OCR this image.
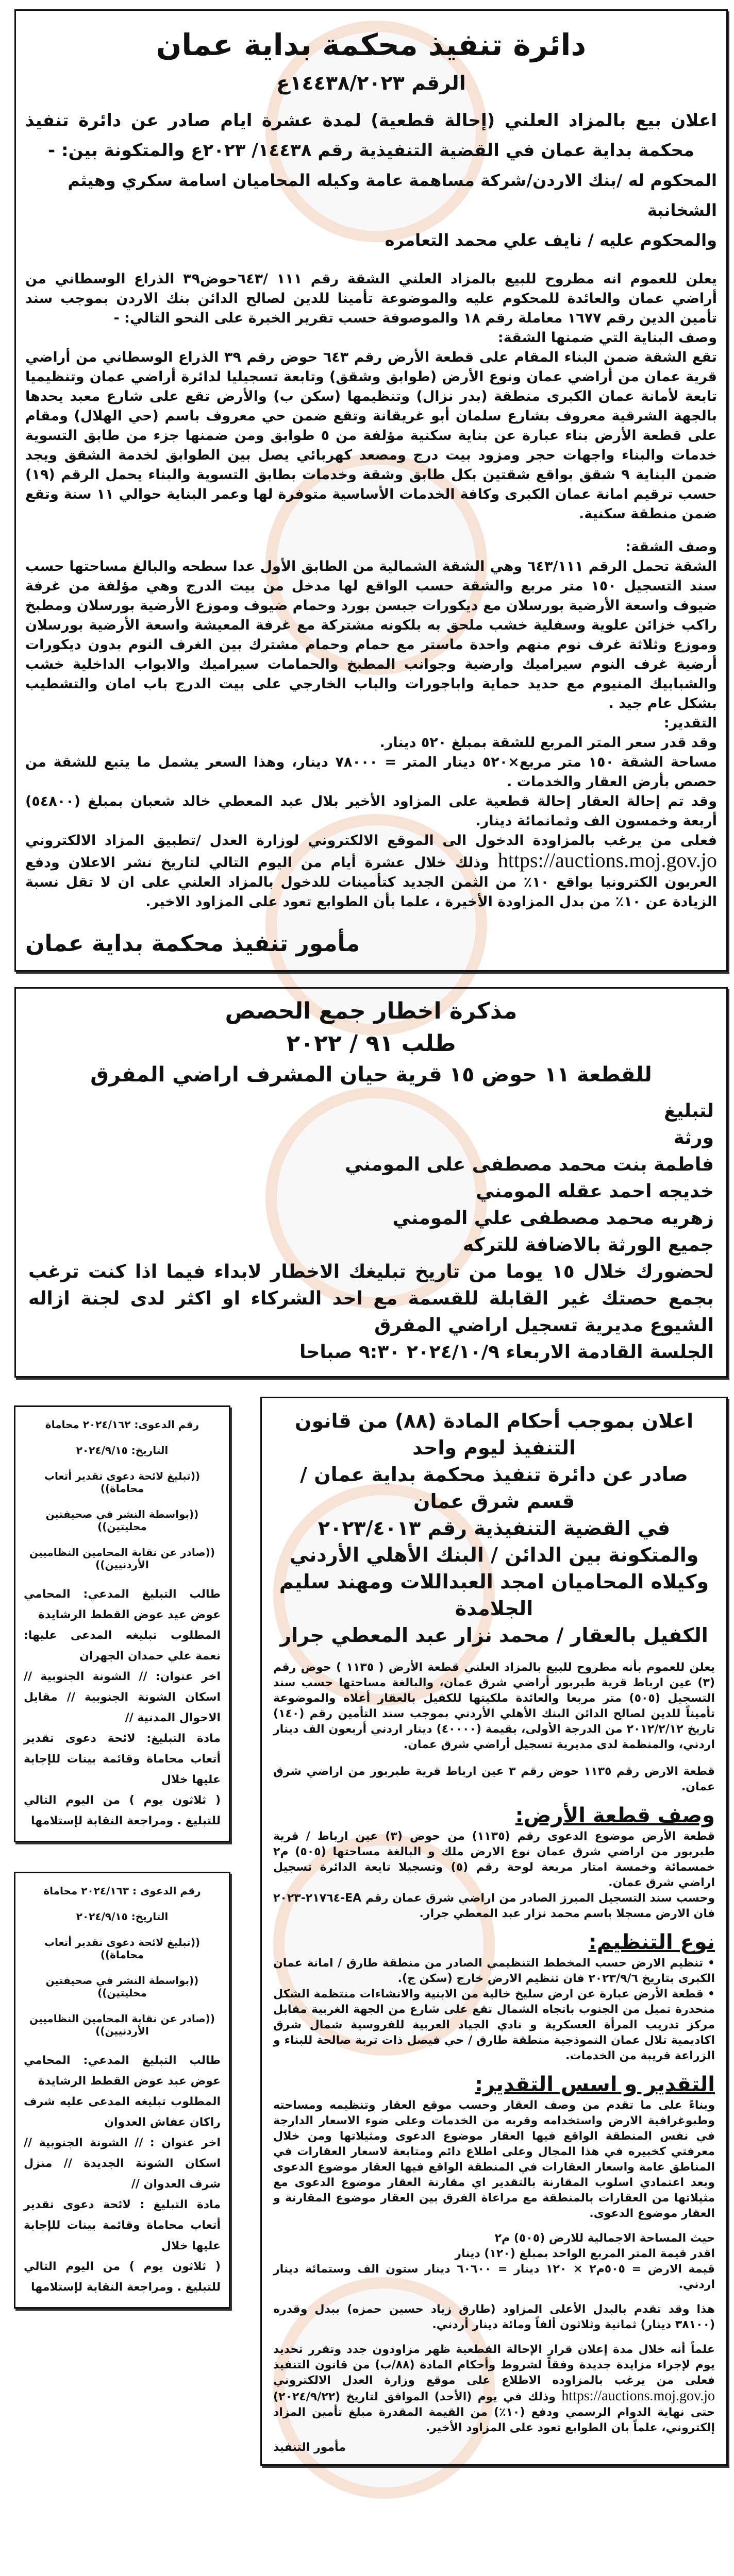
دائرة تنفيذ محكمة بداية عمان
الرقم ١٤٤٣٨/٢٠٢٣ع
اعلان بيع بالمزاد العلني (إحالة قطعية) لمدة عشرة ايام صادر عن دائرة تنفيذ محكمة بداية عمان في القضية التنفيذية رقم ١٤٤٣٨/ ٢٠٢٣ع والمتكونة بين: -
المحكوم له /بنك الاردن/شركة مساهمة عامة وكيله المحاميان اسامة سكري وهيثم الشخانبة
والمحكوم عليه / نايف علي محمد التعامره

يعلن للعموم انه مطروح للبيع بالمزاد العلني الشقة رقم ١١١ /٦٤٣حوض٣٩ الذراع الوسطاني من أراضي عمان والعائدة للمحكوم عليه والموضوعة تأمينا للدين لصالح الدائن بنك الاردن بموجب سند تأمين الدين رقم ١٦٧٧ معاملة رقم ١٨ والموصوفة حسب تقرير الخبرة على النحو التالي: -

وصف البناية التي ضمنها الشقة:

تقع الشقة ضمن البناء المقام على قطعة الأرض رقم ٦٤٣ حوض رقم ٣٩ الذراع الوسطاني من أراضي قرية عمان من أراضي عمان ونوع الأرض (طوابق وشقق) وتابعة تسجيليا لدائرة أراضي عمان وتنظيميا تابعة لأمانة عمان الكبرى منطقة (بدر نزال) وتنظيمها (سكن ب) والأرض تقع على شارع معبد يحدها بالجهة الشرقية معروف بشارع سلمان أبو غريقانة وتقع ضمن حي معروف باسم (حي الهلال) ومقام على قطعة الأرض بناء عبارة عن بناية سكنية مؤلفة من ٥ طوابق ومن ضمنها جزء من طابق التسوية خدمات والبناء واجهات حجر ومزود بيت درج ومصعد كهربائي يصل بين الطوابق لخدمة الشقق ويجد ضمن البناية ٩ شقق بواقع شقتين بكل طابق وشقة وخدمات بطابق التسوية والبناء يحمل الرقم (١٩) حسب ترقيم امانة عمان الكبرى وكافة الخدمات الأساسية متوفرة لها وعمر البناية حوالي ١١ سنة وتقع ضمن منطقة سكنية.

وصف الشقة:

الشقة تحمل الرقم ٦٤٣/١١١ وهي الشقة الشمالية من الطابق الأول عدا سطحه والبالغ مساحتها حسب سند التسجيل ١٥٠ متر مربع والشقة حسب الواقع لها مدخل من بيت الدرج وهي مؤلفة من غرفة ضيوف واسعة الأرضية بورسلان مع ديكورات جبسن بورد وحمام ضيوف وموزع الأرضية بورسلان ومطبخ راكب خزائن علوية وسفلية خشب ملحق به بلكونه مشتركة مع غرفة المعيشة واسعة الأرضية بورسلان وموزع وثلاثة غرف نوم منهم واحدة ماستر مع حمام وحمام مشترك بين الغرف النوم بدون ديكورات أرضية غرف النوم سيراميك وارضية وجوانب المطبخ والحمامات سيراميك والابواب الداخلية خشب والشبابيك المنيوم مع حديد حماية واباجورات والباب الخارجي على بيت الدرج باب امان والتشطيب بشكل عام جيد .

التقدير:

وقد قدر سعر المتر المربع للشقة بمبلغ ٥٢٠ دينار.

مساحة الشقة ١٥٠ متر مربع×٥٢٠ دينار المتر = ٧٨٠٠٠ دينار، وهذا السعر يشمل ما يتبع للشقة من حصص بأرض العقار والخدمات .

وقد تم إحالة العقار إحالة قطعية على المزاود الأخير بلال عبد المعطي خالد شعبان بمبلغ (٥٤٨٠٠) أربعة وخمسون الف وثمانمائة دينار.

فعلى من يرغب بالمزاودة الدخول الى الموقع الالكتروني لوزارة العدل /تطبيق المزاد الالكتروني https://auctions.moj.gov.jo وذلك خلال عشرة أيام من اليوم التالي لتاريخ نشر الاعلان ودفع العربون الكترونيا بواقع ١٠٪ من الثمن الجديد كتأمينات للدخول بالمزاد العلني على ان لا تقل نسبة الزيادة عن ١٠٪ من بدل المزاودة الأخيرة ، علما بأن الطوابع تعود على المزاود الاخير.

مأمور تنفيذ محكمة بداية عمان
مذكرة اخطار جمع الحصص
طلب ٩١ / ٢٠٢٢
للقطعة ١١ حوض ١٥ قرية حيان المشرف اراضي المفرق
لتبليغ
ورثة
فاطمة بنت محمد مصطفى على المومني
خديجه احمد عقله المومني
زهريه محمد مصطفى علي المومني
جميع الورثة بالاضافة للتركه
لحضورك خلال ١٥ يوما من تاريخ تبليغك الاخطار لابداء فيما اذا كنت ترغب بجمع حصتك غير القابلة للقسمة مع احد الشركاء او اكثر لدى لجنة ازاله الشيوع مديرية تسجيل اراضي المفرق
الجلسة القادمة الاربعاء ٢٠٢٤/١٠/٩ ٩:٣٠ صباحا
رقم الدعوى: ٢٠٢٤/١٦٢ محاماة
التاريخ: ٢٠٢٤/٩/١٥
((تبليغ لائحة دعوى تقدير أتعاب محاماة))
((بواسطة النشر في صحيفتين محليتين))
((صادر عن نقابة المحامين النظاميين الأردنيين))
طالب التبليغ المدعي: المحامي عوض عيد عوض القطط الرشايدة
المطلوب تبليغه المدعى عليها: نعمة علي حمدان الجهران
اخر عنوان: // الشونة الجنوبية // اسكان الشونة الجنوبية // مقابل الاحوال المدنية //
مادة التبليغ: لائحة دعوى تقدير أتعاب محاماة وقائمة بينات للإجابة عليها خلال
( ثلاثون يوم ) من اليوم التالي للتبليغ . ومراجعة النقابة لإستلامها
رقم الدعوى : ٢٠٢٤/١٦٣ محاماة
التاريخ: ٢٠٢٤/٩/١٥
((تبليغ لائحة دعوى تقدير أتعاب محاماة))
((بواسطة النشر في صحيفتين محليتين))
((صادر عن نقابة المحامين النظاميين الأردنيين))
طالب التبليغ المدعي: المحامي عوض عبد عوض القطط الرشايدة
المطلوب تبليغه المدعى عليه شرف راكان عفاش العدوان
اخر عنوان : // الشونة الجنوبية // اسكان الشونة الجديدة // منزل شرف العدوان //
مادة التبليغ : لائحة دعوى تقدير أتعاب محاماة وقائمة بينات للإجابة عليها خلال
( ثلاثون يوم ) من اليوم التالي للتبليغ . ومراجعة النقابة لإستلامها
اعلان بموجب أحكام المادة (٨٨) من قانون التنفيذ ليوم واحد
صادر عن دائرة تنفيذ محكمة بداية عمان / قسم شرق عمان
في القضية التنفيذية رقم ٢٠٢٣/٤٠١٣
والمتكونة بين الدائن / البنك الأهلي الأردني
وكيلاه المحاميان امجد العبداللات ومهند سليم الجلامدة
الكفيل بالعقار / محمد نزار عبد المعطي جرار

يعلن للعموم بأنه مطروح للبيع بالمزاد العلني قطعة الأرض ( ١١٣٥ ) حوض رقم (٣) عين ارباط قرية طبربور أراضي شرق عمان، والبالغة مساحتها حسب سند التسجيل (٥٠٥) متر مربعا والعائدة ملكيتها للكفيل بالعقار أعلاه والموضوعة تأميناً للدين لصالح الدائن البنك الأهلي الأردني بموجب سند التأمين رقم (١٤٠) تاريخ ٢٠١٢/٢/١٢ من الدرجة الأولى، بقيمة (٤٠٠٠٠) دينار اردني أربعون الف دينار اردني، والمنظمة لدى مديرية تسجيل أراضي شرق عمان.

قطعة الارض رقم ١١٣٥ حوض رقم ٣ عين ارباط قرية طبربور من اراضي شرق عمان.

وصف قطعة الأرض:

قطعة الأرض موضوع الدعوى رقم (١١٣٥) من حوض (٣) عين ارباط / قرية طبربور من اراضي شرق عمان نوع الارض ملك و البالغة مساحتها (٥٠٥) م٢ خمسمائة وخمسة امتار مربعة لوحة رقم (٥) وتسجيلا تابعة الدائرة تسجيل اراضي شرق عمان.

وحسب سند التسجيل المبرز الصادر من اراضي شرق عمان رقم EA-٢١٧٦٤-٢٠٢٣ فان الارض مسجلا باسم محمد نزار عبد المعطي جرار.

نوع التنظيم:

• تنظيم الارض حسب المخطط التنظيمي الصادر من منطقة طارق / امانة عمان الكبرى بتاريخ ٢٠٢٣/٩/٦ فان تنظيم الارض خارج (سكن ج).

• قطعة الأرض عبارة عن ارض سليخ خالية من الابنية والانشاءات منتظمة الشكل منحدرة تميل من الجنوب باتجاه الشمال تقع على شارع من الجهة الغربية مقابل مركز تدريب المرأة العسكرية و نادي الجياد العربية للفروسية شمال شرق اكاديمية تلال عمان النموذجية منطقة طارق / حي فيصل ذات تربة صالحة للبناء و الزراعة قريبة من الخدمات.

التقدير و اسس التقدير:

وبناءً على ما تقدم من وصف العقار وحسب موقع العقار وتنظيمه ومساحته وطبوغرافية الارض واستخدامه وقربه من الخدمات وعلى ضوء الاسعار الدارجة في نفس المنطقة الواقع فيها العقار موضوع الدعوى ومثيلاتها ومن خلال معرفتي كخبيره في هذا المجال وعلى اطلاع دائم ومتابعة لاسعار العقارات في المناطق عامة واسعار العقارات في المنطقة الواقع فيها العقار موضوع الدعوى وبعد اعتمادي اسلوب المقارنة بالتقدير اي مقارنة العقار موضوع الدعوى مع مثيلاتها من العقارات بالمنطقة مع مراعاة الفرق بين العقار موضوع المقارنة و العقار موضوع الدعوى.

حيث المساحة الاجمالية للارض (٥٠٥) م٢

اقدر قيمة المتر المربع الواحد بمبلغ (١٢٠) دينار

قيمة الارض = ٥٠٥م٢ × ١٢٠ دينار = ٦٠٦٠٠ دينار ستون الف وستمائة دينار اردني.

هذا وقد تقدم بالبدل الأعلى المزاود (طارق زياد حسين حمزه) ببدل وقدره (٣٨١٠٠ دينار) ثمانية وثلاثون ألفاً ومائة دينار أردني.

علماً أنه خلال مدة إعلان قرار الإحالة القطعية ظهر مزاودون جدد وتقرر تحديد يوم لإجراء مزايدة جديدة وفقاً لشروط وأحكام المادة (٨٨/ب) من قانون التنفيذ فعلى من يرغب بالمزاوده الاطلاع على موقع وزارة العدل الالكتروني https://auctions.moj.gov.jo وذلك في يوم (الأحد) الموافق لتاريخ (٢٠٢٤/٩/٢٢) حتى نهاية الدوام الرسمي ودفع (١٠٪) من القيمة المقدرة مبلغ تأمين المزاد إلكتروني، علماً بان الطوابع تعود على المزاود الأخير.

مأمور التنفيذ
